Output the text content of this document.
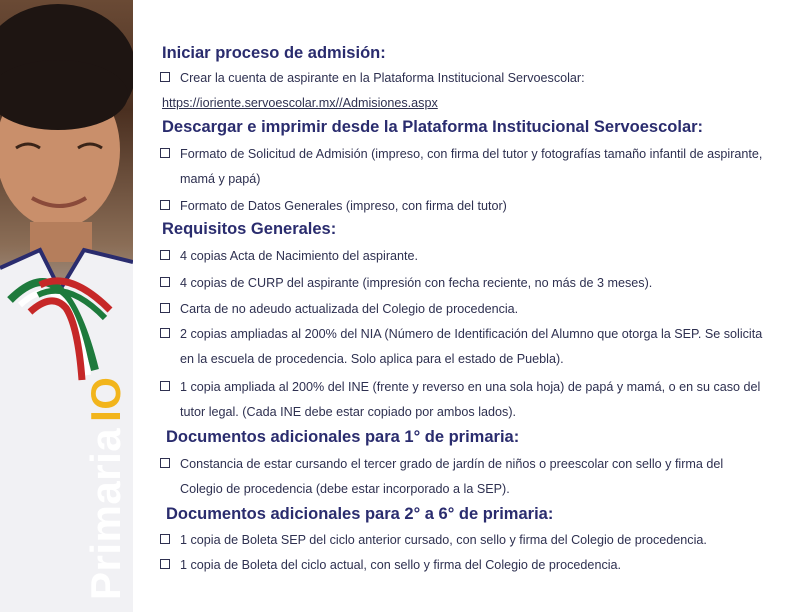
PrimariaIO
Iniciar proceso de admisión:
Crear la cuenta de aspirante en la Plataforma Institucional Servoescolar:
https://ioriente.servoescolar.mx//Admisiones.aspx
Descargar e imprimir desde la Plataforma Institucional Servoescolar:
Formato de Solicitud de Admisión (impreso, con firma del tutor y fotografías tamaño infantil de aspirante, mamá y papá)
Formato de Datos Generales (impreso, con firma del tutor)
Requisitos Generales:
4 copias Acta de Nacimiento del aspirante.
4 copias de CURP del aspirante (impresión con fecha reciente, no más de 3 meses).
Carta de no adeudo actualizada del Colegio de procedencia.
2 copias ampliadas al 200% del NIA (Número de Identificación del Alumno que otorga la SEP. Se solicita en la escuela de procedencia. Solo aplica para el estado de Puebla).
1 copia ampliada al 200% del INE (frente y reverso en una sola hoja) de papá y mamá, o en su caso del tutor legal. (Cada INE debe estar copiado por ambos lados).
Documentos adicionales para 1° de primaria:
Constancia de estar cursando el tercer grado de jardín de niños o preescolar con sello y firma del Colegio de procedencia (debe estar incorporado a la SEP).
Documentos adicionales para 2° a 6° de primaria:
1 copia de Boleta SEP del ciclo anterior cursado, con sello y firma del Colegio de procedencia.
1 copia de Boleta del ciclo actual, con sello y firma del Colegio de procedencia.
